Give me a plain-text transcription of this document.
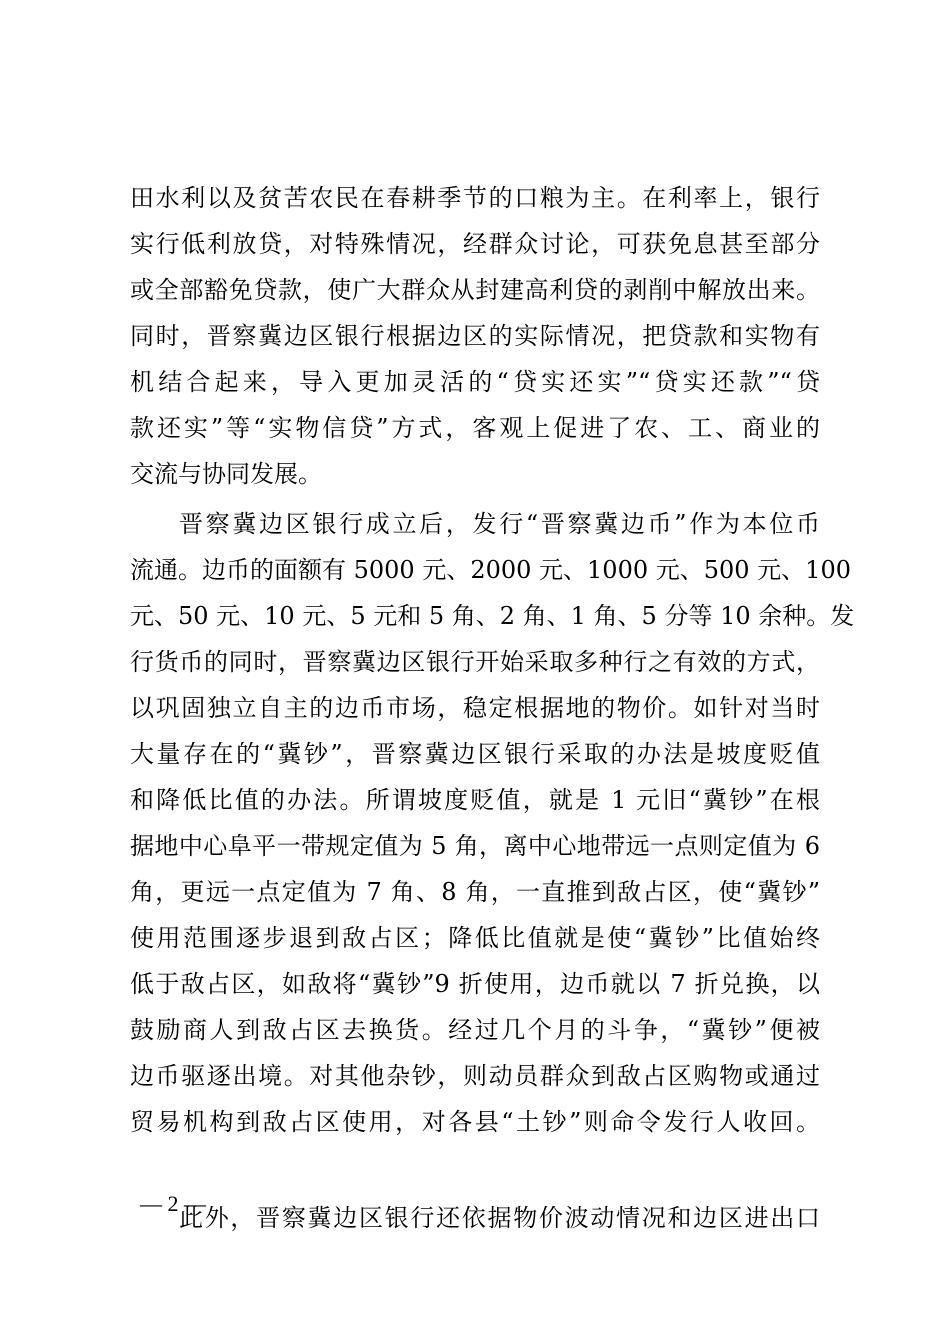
田水利以及贫苦农民在春耕季节的口粮为主。在利率上，银行
实行低利放贷，对特殊情况，经群众讨论，可获免息甚至部分
或全部豁免贷款，使广大群众从封建高利贷的剥削中解放出来。
同时，晋察冀边区银行根据边区的实际情况，把贷款和实物有
机结合起来，导入更加灵活的“贷实还实”“贷实还款”“贷
款还实”等“实物信贷”方式，客观上促进了农、工、商业的
交流与协同发展。
晋察冀边区银行成立后，发行“晋察冀边币”作为本位币
流通。边币的面额有 5000 元、2000 元、1000 元、500 元、100
元、50 元、10 元、5 元和 5 角、2 角、1 角、5 分等 10 余种。发
行货币的同时，晋察冀边区银行开始采取多种行之有效的方式，
以巩固独立自主的边币市场，稳定根据地的物价。如针对当时
大量存在的“冀钞”，晋察冀边区银行采取的办法是坡度贬值
和降低比值的办法。所谓坡度贬值，就是 1 元旧“冀钞”在根
据地中心阜平一带规定值为 5 角，离中心地带远一点则定值为 6
角，更远一点定值为 7 角、8 角，一直推到敌占区，使“冀钞”
使用范围逐步退到敌占区；降低比值就是使“冀钞”比值始终
低于敌占区，如敌将“冀钞”9 折使用，边币就以 7 折兑换，以
鼓励商人到敌占区去换货。经过几个月的斗争，“冀钞”便被
边币驱逐出境。对其他杂钞，则动员群众到敌占区购物或通过
贸易机构到敌占区使用，对各县“土钞”则命令发行人收回。
此外，晋察冀边区银行还依据物价波动情况和边区进出口
— 2 —
